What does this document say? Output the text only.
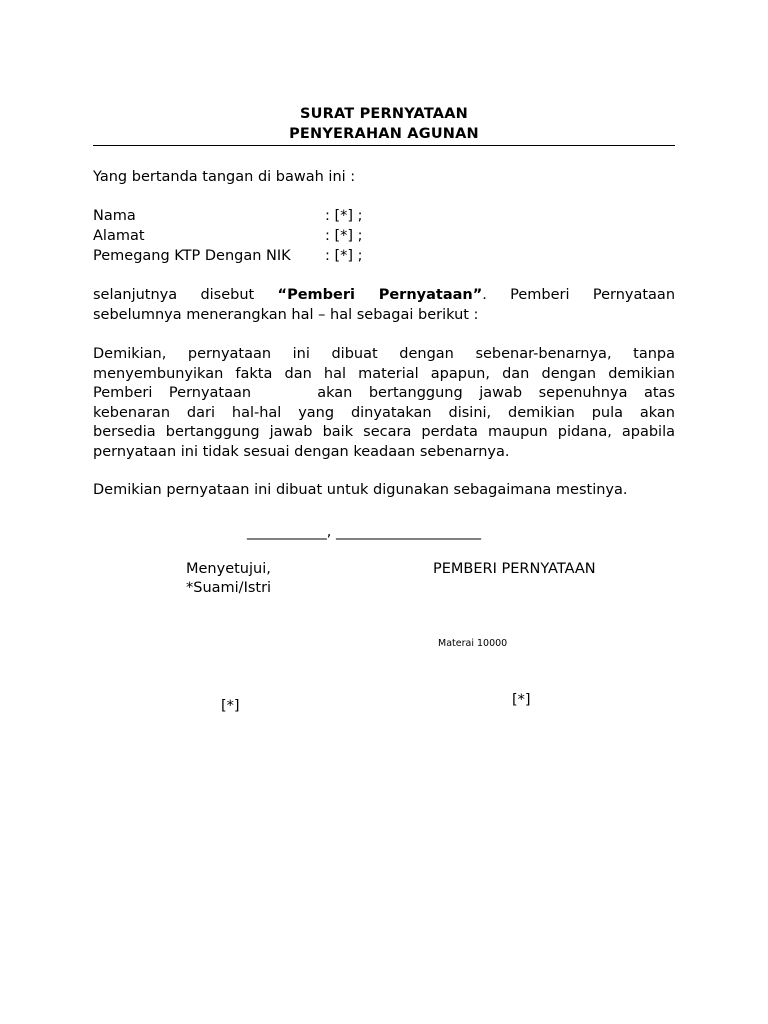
SURAT PERNYATAAN
PENYERAHAN AGUNAN
Yang bertanda tangan di bawah ini :
Nama	: [*] ;
Alamat	: [*] ;
Pemegang KTP Dengan NIK : [*] ;
selanjutnya disebut “Pemberi Pernyataan”. Pemberi Pernyataan
sebelumnya menerangkan hal – hal sebagai berikut :
Demikian, pernyataan ini dibuat dengan sebenar-benarnya, tanpa
menyembunyikan fakta dan hal material apapun, dan dengan demikian
Pemberi Pernyataan    akan bertanggung jawab sepenuhnya atas
kebenaran dari hal-hal yang dinyatakan disini, demikian pula akan
bersedia bertanggung jawab baik secara perdata maupun pidana, apabila
pernyataan ini tidak sesuai dengan keadaan sebenarnya.
Demikian pernyataan ini dibuat untuk digunakan sebagaimana mestinya.
___________, ____________________
Menyetujui,
*Suami/Istri
PEMBERI PERNYATAAN
Materai 10000
[*]	[*]
